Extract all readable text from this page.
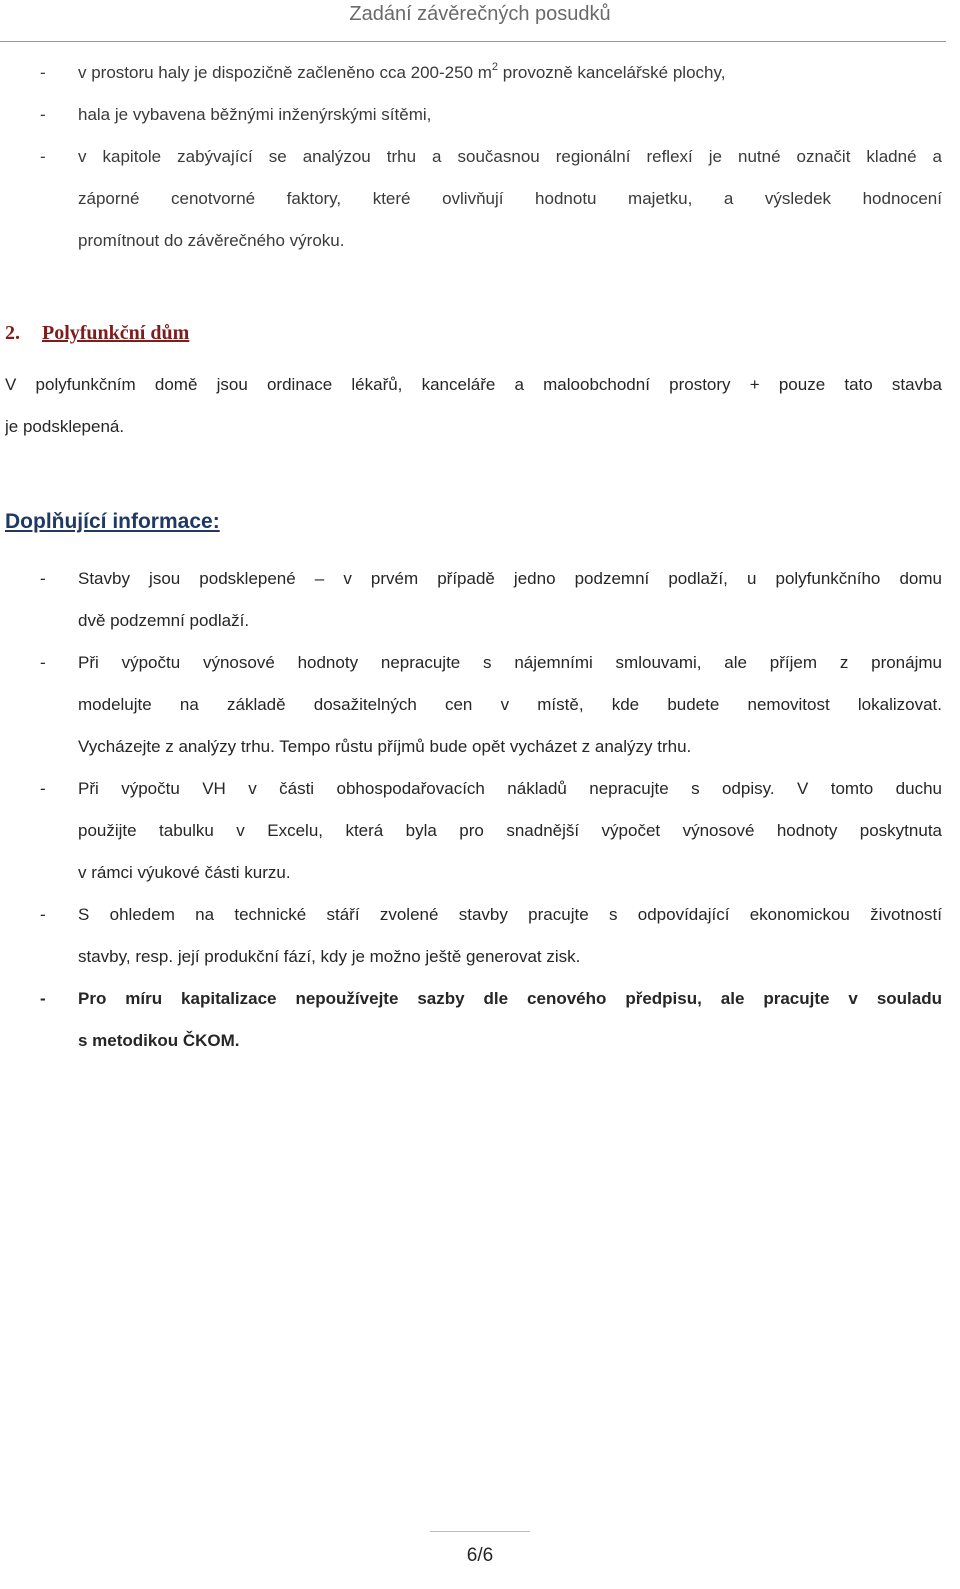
Zadání závěrečných posudků
- v prostoru haly je dispozičně začleněno cca 200-250 $m^2$ provozně kancelářské plochy,
- hala je vybavena běžnými inženýrskými sítěmi,
- v kapitole zabývající se analýzou trhu a současnou regionální reflexí je nutné označit kladné a
záporné cenotvorné faktory, které ovlivňují hodnotu majetku, a výsledek hodnocení
promítnout do závěrečného výroku.
2. Polyfunkční dům
V polyfunkčním domě jsou ordinace lékařů, kanceláře a maloobchodní prostory + pouze tato stavba
je podsklepená.
Doplňující informace:
- Stavby jsou podsklepené – v prvém případě jedno podzemní podlaží, u polyfunkčního domu
dvě podzemní podlaží.
- Při výpočtu výnosové hodnoty nepracujte s nájemními smlouvami, ale příjem z pronájmu
modelujte na základě dosažitelných cen v místě, kde budete nemovitost lokalizovat.
Vycházejte z analýzy trhu. Tempo růstu příjmů bude opět vycházet z analýzy trhu.
- Při výpočtu VH v části obhospodařovacích nákladů nepracujte s odpisy. V tomto duchu
použijte tabulku v Excelu, která byla pro snadnější výpočet výnosové hodnoty poskytnuta
v rámci výukové části kurzu.
- S ohledem na technické stáří zvolené stavby pracujte s odpovídající ekonomickou životností
stavby, resp. její produkční fází, kdy je možno ještě generovat zisk.
- Pro míru kapitalizace nepoužívejte sazby dle cenového předpisu, ale pracujte v souladu
s metodikou ČKOM.
6/6
